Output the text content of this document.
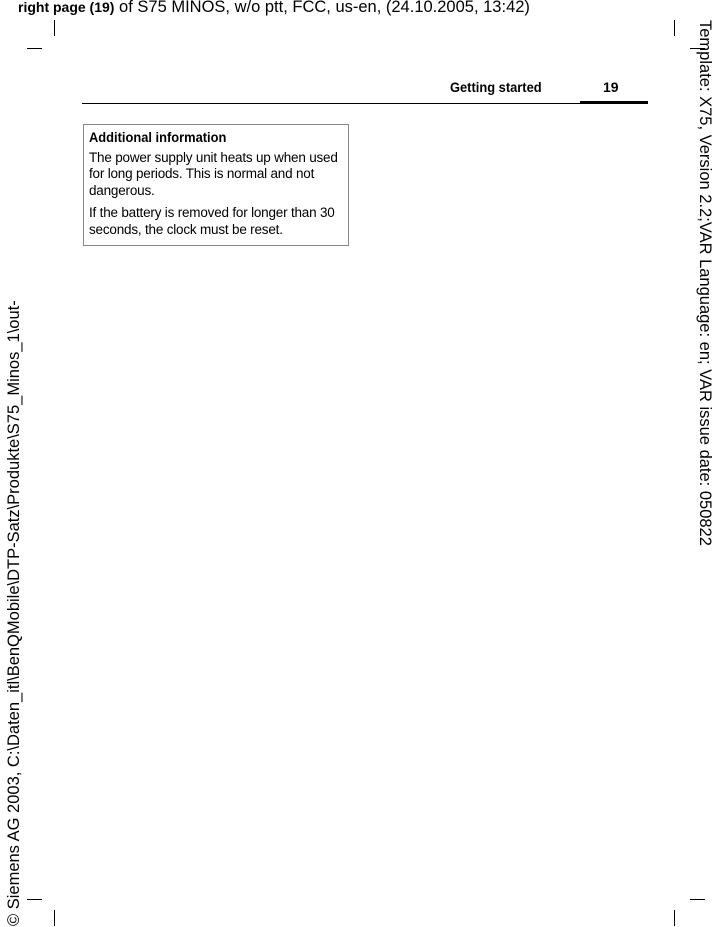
right page (19) of S75 MINOS, w/o ptt, FCC, us-en, (24.10.2005, 13:42)
Template: X75, Version 2.2;VAR Language: en; VAR issue date: 050822
© Siemens AG 2003, C:\Daten_itl\BenQMobile\DTP-Satz\Produkte\S75_Minos_1\out-
Getting started	19
Additional information

The power supply unit heats up when used for long periods. This is normal and not dangerous.

If the battery is removed for longer than 30 seconds, the clock must be reset.
